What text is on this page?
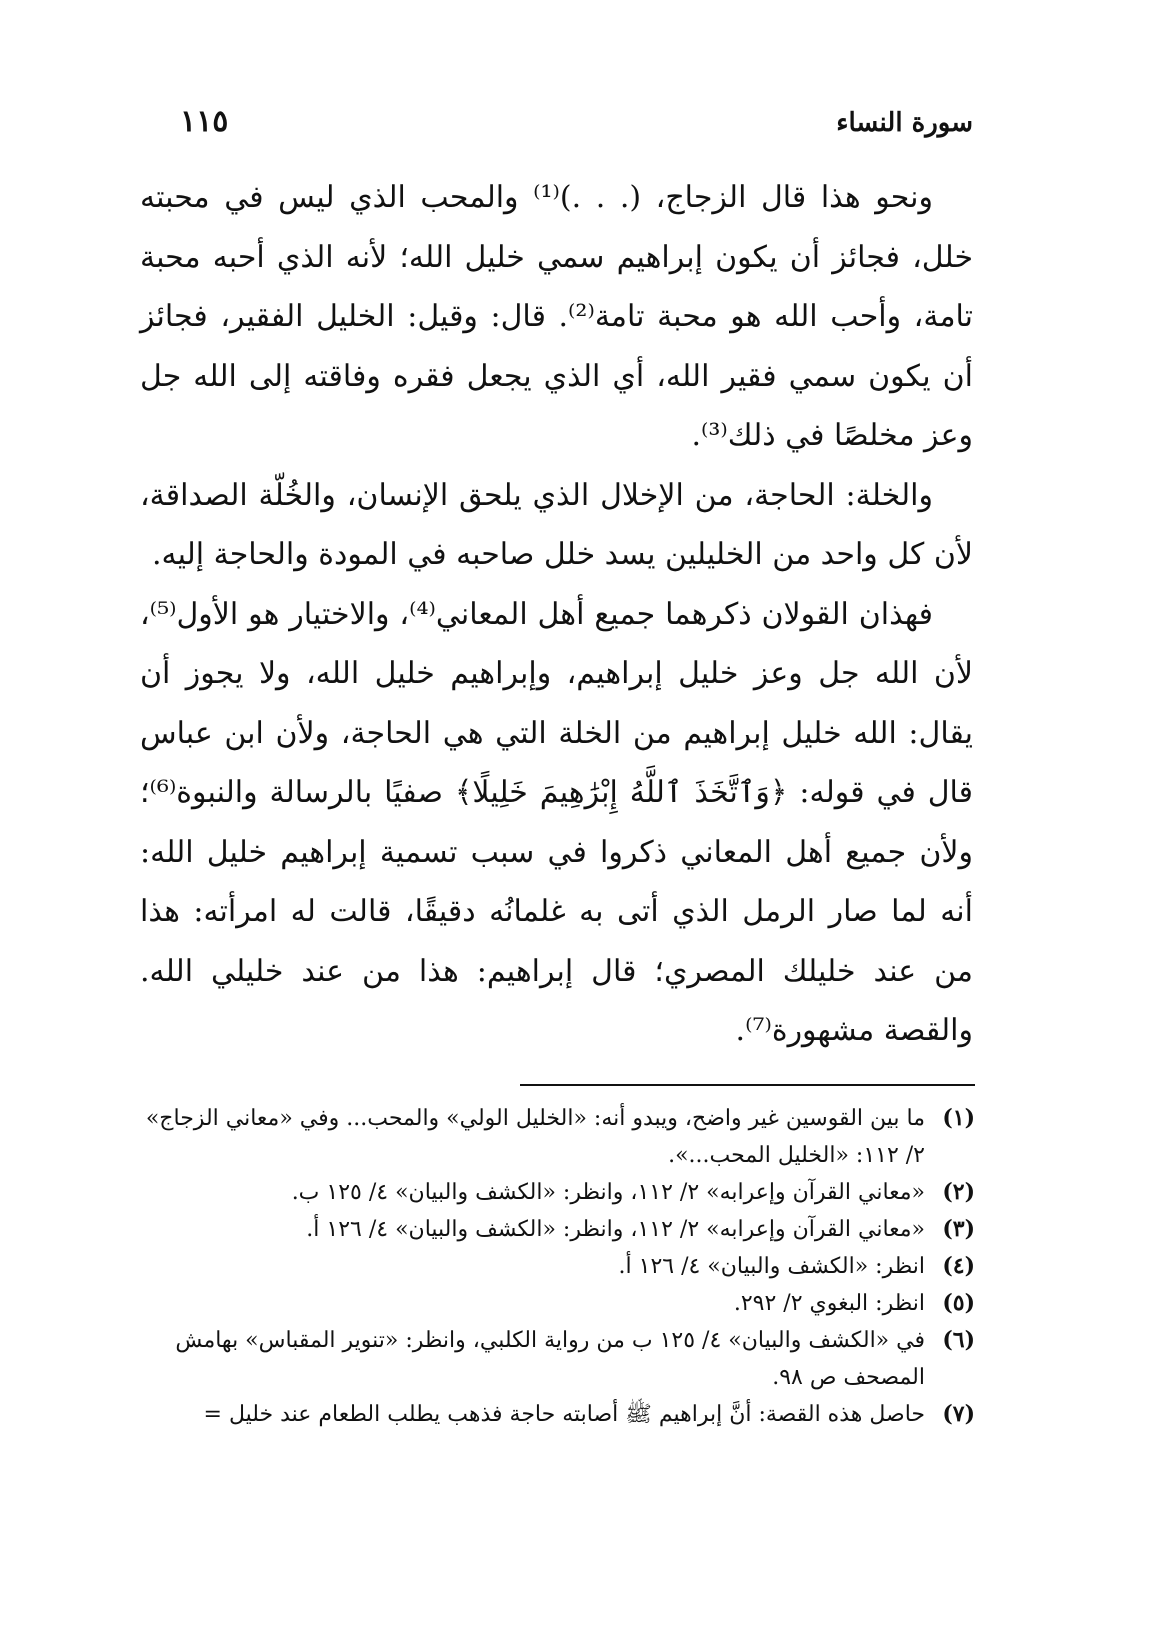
سورة النساء
١١٥

ونحو هذا قال الزجاج، (. . .)⁽¹⁾ والمحب الذي ليس في محبته خلل، فجائز أن يكون إبراهيم سمي خليل الله؛ لأنه الذي أحبه محبة تامة، وأحب الله هو محبة تامة⁽²⁾. قال: وقيل: الخليل الفقير، فجائز أن يكون سمي فقير الله، أي الذي يجعل فقره وفاقته إلى الله جل وعز مخلصًا في ذلك⁽³⁾.

والخلة: الحاجة، من الإخلال الذي يلحق الإنسان، والخُلّة الصداقة، لأن كل واحد من الخليلين يسد خلل صاحبه في المودة والحاجة إليه.

فهذان القولان ذكرهما جميع أهل المعاني⁽⁴⁾، والاختيار هو الأول⁽⁵⁾، لأن الله جل وعز خليل إبراهيم، وإبراهيم خليل الله، ولا يجوز أن يقال: الله خليل إبراهيم من الخلة التي هي الحاجة، ولأن ابن عباس قال في قوله: ﴿وَٱتَّخَذَ ٱللَّهُ إِبْرَٰهِيمَ خَلِيلًا﴾ صفيًا بالرسالة والنبوة⁽⁶⁾؛ ولأن جميع أهل المعاني ذكروا في سبب تسمية إبراهيم خليل الله: أنه لما صار الرمل الذي أتى به غلمانُه دقيقًا، قالت له امرأته: هذا من عند خليلك المصري؛ قال إبراهيم: هذا من عند خليلي الله. والقصة مشهورة⁽⁷⁾.

(١)
ما بين القوسين غير واضح، ويبدو أنه: «الخليل الولي» والمحب... وفي «معاني الزجاج» ٢/ ١١٢: «الخليل المحب...».
(٢)
«معاني القرآن وإعرابه» ٢/ ١١٢، وانظر: «الكشف والبيان» ٤/ ١٢٥ ب.
(٣)
«معاني القرآن وإعرابه» ٢/ ١١٢، وانظر: «الكشف والبيان» ٤/ ١٢٦ أ.
(٤)
انظر: «الكشف والبيان» ٤/ ١٢٦ أ.
(٥)
انظر: البغوي ٢/ ٢٩٢.
(٦)
في «الكشف والبيان» ٤/ ١٢٥ ب من رواية الكلبي، وانظر: «تنوير المقباس» بهامش المصحف ص ٩٨.
(٧)
حاصل هذه القصة: أنَّ إبراهيم ﷺ أصابته حاجة فذهب يطلب الطعام عند خليل =
